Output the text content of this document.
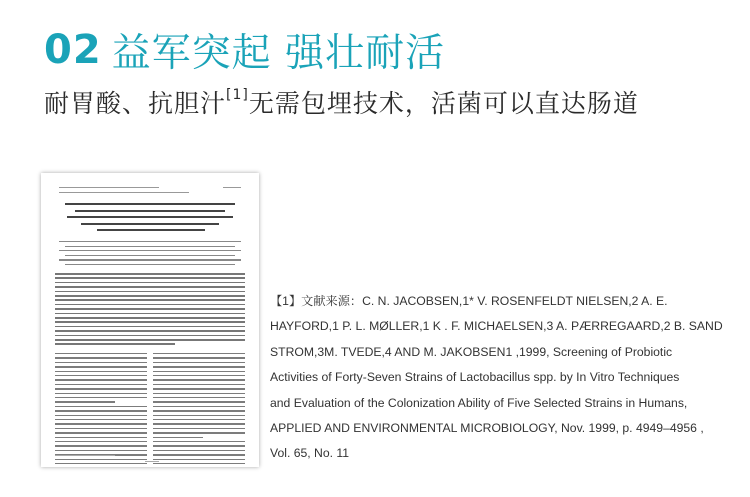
02 益军突起 强壮耐活
耐胃酸、抗胆汁[1]无需包埋技术，活菌可以直达肠道
【1】文献来源：C. N. JACOBSEN,1* V. ROSENFELDT NIELSEN,2 A. E.
HAYFORD,1 P. L. MØLLER,1 K . F. MICHAELSEN,3 A. PÆRREGAARD,2 B. SAND
STROM,3M. TVEDE,4 AND M. JAKOBSEN1 ,1999, Screening of Probiotic
Activities of Forty-Seven Strains of Lactobacillus spp. by In Vitro Techniques
and Evaluation of the Colonization Ability of Five Selected Strains in Humans,
APPLIED AND ENVIRONMENTAL MICROBIOLOGY, Nov. 1999, p. 4949–4956 ,
Vol. 65, No. 11
